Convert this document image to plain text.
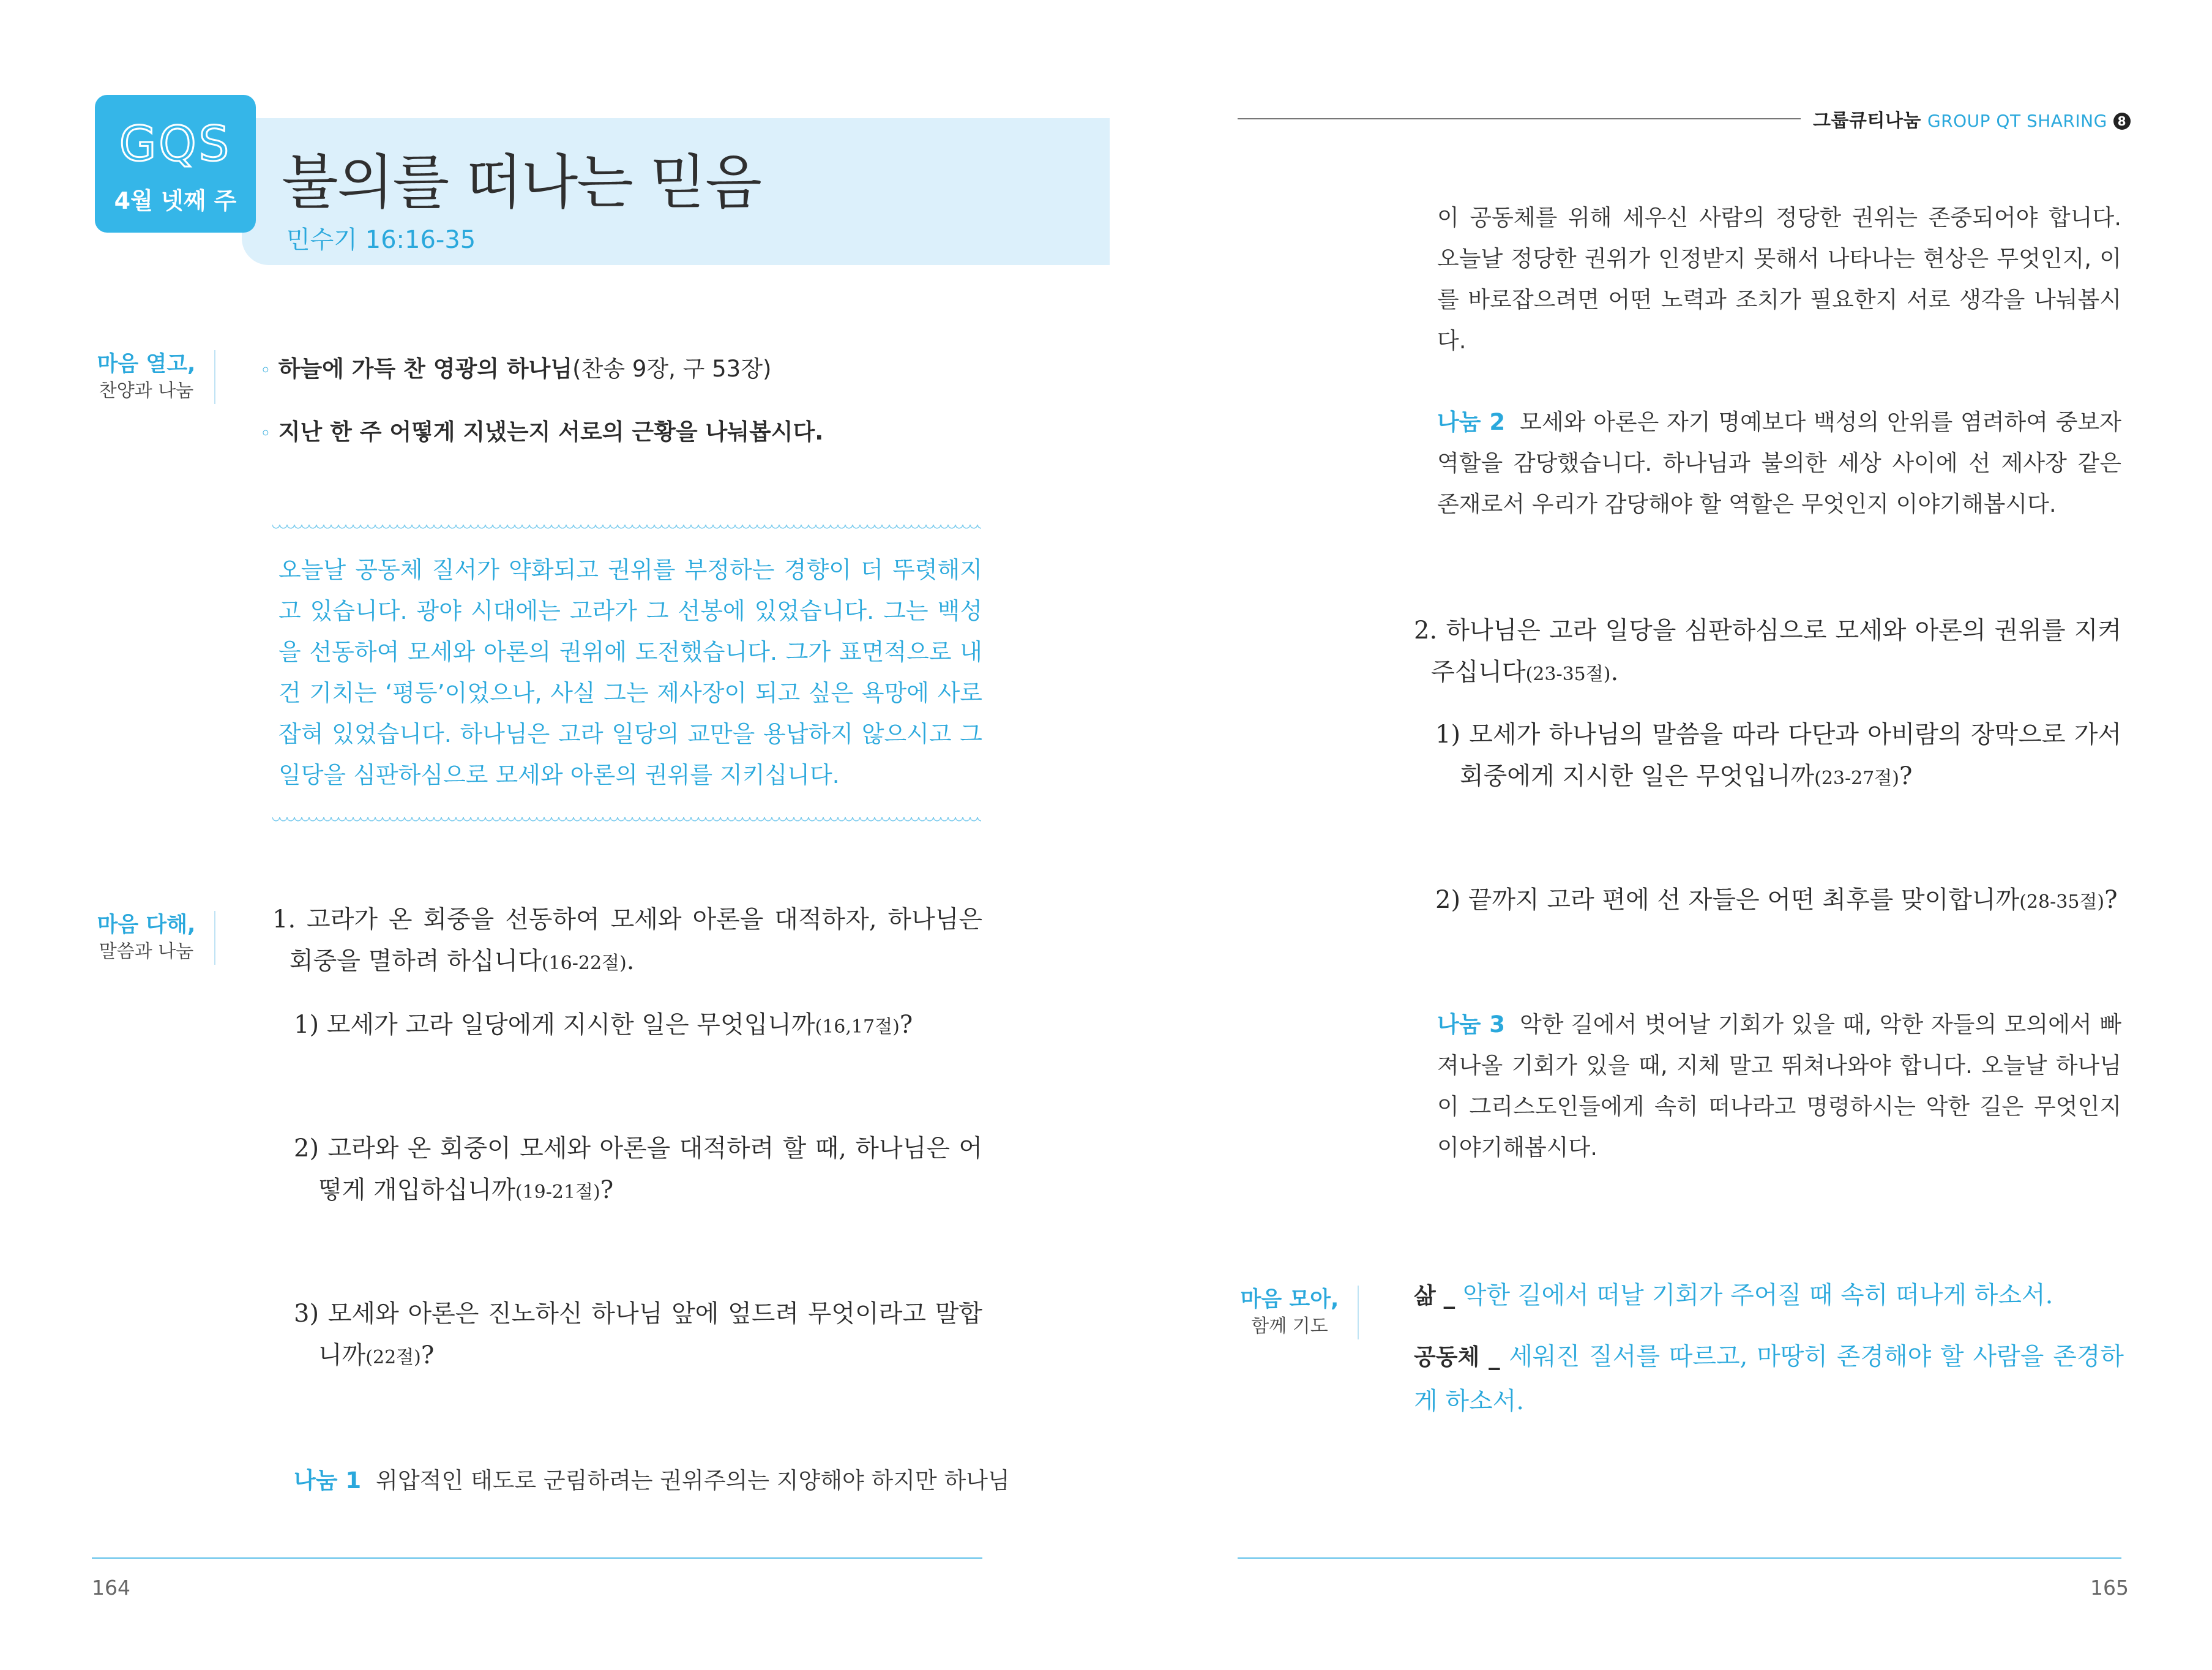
GQS
4월 넷째 주 불의를 떠나는 믿음
민수기 16:16-35
마음 열고,
찬양과 나눔
◦ 하늘에 가득 찬 영광의 하나님(찬송 9장, 구 53장)
◦ 지난 한 주 어떻게 지냈는지 서로의 근황을 나눠봅시다.
오늘날 공동체 질서가 약화되고 권위를 부정하는 경향이 더 뚜렷해지고 있습니다. 광야 시대에는 고라가 그 선봉에 있었습니다. 그는 백성을 선동하여 모세와 아론의 권위에 도전했습니다. 그가 표면적으로 내건 기치는 ‘평등’이었으나, 사실 그는 제사장이 되고 싶은 욕망에 사로잡혀 있었습니다. 하나님은 고라 일당의 교만을 용납하지 않으시고 그 일당을 심판하심으로 모세와 아론의 권위를 지키십니다.
마음 다해,
말씀과 나눔
1. 고라가 온 회중을 선동하여 모세와 아론을 대적하자, 하나님은 회중을 멸하려 하십니다(16-22절).
1) 모세가 고라 일당에게 지시한 일은 무엇입니까(16,17절)?
2) 고라와 온 회중이 모세와 아론을 대적하려 할 때, 하나님은 어떻게 개입하십니까(19-21절)?
3) 모세와 아론은 진노하신 하나님 앞에 엎드려 무엇이라고 말합니까(22절)?
나눔 1 위압적인 태도로 군림하려는 권위주의는 지양해야 하지만 하나님
164
그룹큐티나눔 GROUP QT SHARING 8
이 공동체를 위해 세우신 사람의 정당한 권위는 존중되어야 합니다. 오늘날 정당한 권위가 인정받지 못해서 나타나는 현상은 무엇인지, 이를 바로잡으려면 어떤 노력과 조치가 필요한지 서로 생각을 나눠봅시다.
나눔 2 모세와 아론은 자기 명예보다 백성의 안위를 염려하여 중보자 역할을 감당했습니다. 하나님과 불의한 세상 사이에 선 제사장 같은 존재로서 우리가 감당해야 할 역할은 무엇인지 이야기해봅시다.
2. 하나님은 고라 일당을 심판하심으로 모세와 아론의 권위를 지켜주십니다(23-35절).
1) 모세가 하나님의 말씀을 따라 다단과 아비람의 장막으로 가서 회중에게 지시한 일은 무엇입니까(23-27절)?
2) 끝까지 고라 편에 선 자들은 어떤 최후를 맞이합니까(28-35절)?
나눔 3 악한 길에서 벗어날 기회가 있을 때, 악한 자들의 모의에서 빠져나올 기회가 있을 때, 지체 말고 뛰쳐나와야 합니다. 오늘날 하나님이 그리스도인들에게 속히 떠나라고 명령하시는 악한 길은 무엇인지 이야기해봅시다.
마음 모아,
함께 기도
삶 _ 악한 길에서 떠날 기회가 주어질 때 속히 떠나게 하소서.
공동체 _ 세워진 질서를 따르고, 마땅히 존경해야 할 사람을 존경하게 하소서.
165
